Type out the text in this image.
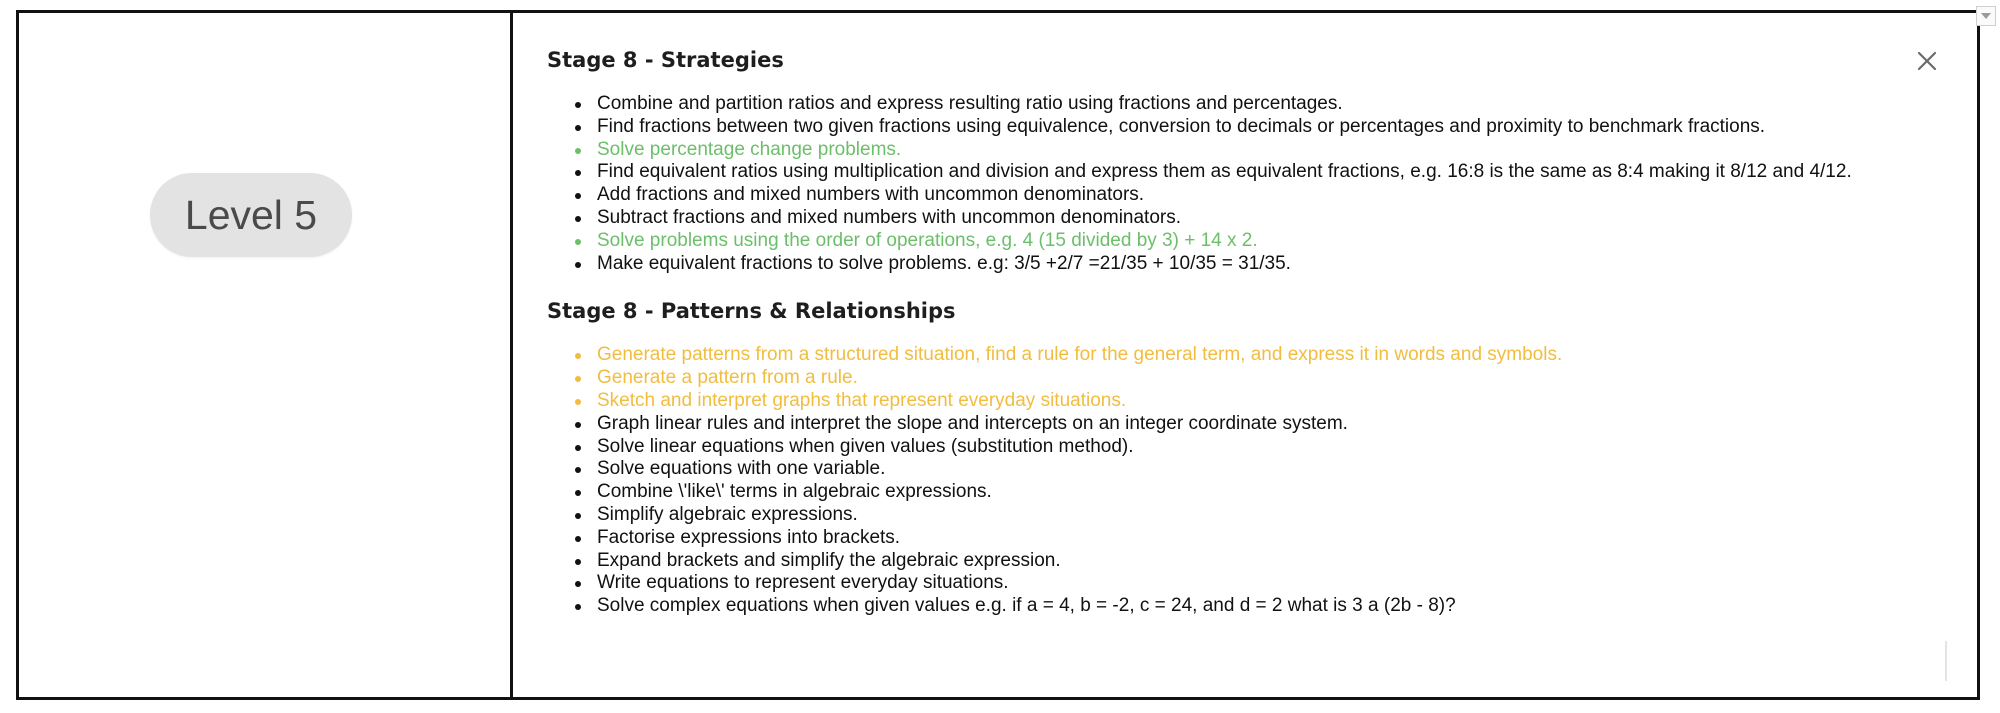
Level 5
Stage 8 - Strategies
Combine and partition ratios and express resulting ratio using fractions and percentages.
Find fractions between two given fractions using equivalence, conversion to decimals or percentages and proximity to benchmark fractions.
Solve percentage change problems.
Find equivalent ratios using multiplication and division and express them as equivalent fractions, e.g. 16:8 is the same as 8:4 making it 8/12 and 4/12.
Add fractions and mixed numbers with uncommon denominators.
Subtract fractions and mixed numbers with uncommon denominators.
Solve problems using the order of operations, e.g. 4 (15 divided by 3) + 14 x 2.
Make equivalent fractions to solve problems. e.g: 3/5 +2/7 =21/35 + 10/35 = 31/35.
Stage 8 - Patterns & Relationships
Generate patterns from a structured situation, find a rule for the general term, and express it in words and symbols.
Generate a pattern from a rule.
Sketch and interpret graphs that represent everyday situations.
Graph linear rules and interpret the slope and intercepts on an integer coordinate system.
Solve linear equations when given values (substitution method).
Solve equations with one variable.
Combine \'like\' terms in algebraic expressions.
Simplify algebraic expressions.
Factorise expressions into brackets.
Expand brackets and simplify the algebraic expression.
Write equations to represent everyday situations.
Solve complex equations when given values e.g. if a = 4, b = -2, c = 24, and d = 2 what is 3 a (2b - 8)?
